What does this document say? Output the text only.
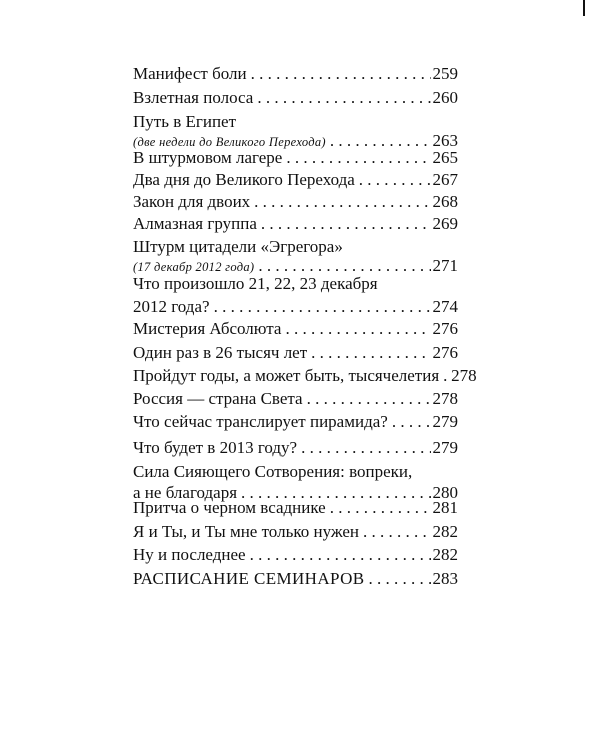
Манифест боли . . .	259
Взлетная полоса . . .	260
Путь в Египет
(две недели до Великого Перехода) . . .	263
В штурмовом лагере . . .	265
Два дня до Великого Перехода . . .	267
Закон для двоих . . .	268
Алмазная группа . . .	269
Штурм цитадели «Эгрегора»
(17 декабр 2012 года) . . .	271
Что произошло 21, 22, 23 декабря
2012 года? . . .	274
Мистерия Абсолюта . . .	276
Один раз в 26 тысяч лет . . .	276
Пройдут годы, а может быть, тысячелетия . . . 278
Россия — страна Света . . .	278
Что сейчас транслирует пирамида? . . .	279
Что будет в 2013 году? . . .	279
Сила Сияющего Сотворения: вопреки,
а не благодаря . . .	280
Притча о черном всаднике . . .	281
Я и Ты, и Ты мне только нужен . . .	282
Ну и последнее . . .	282
РАСПИСАНИЕ СЕМИНАРОВ . . .	283
